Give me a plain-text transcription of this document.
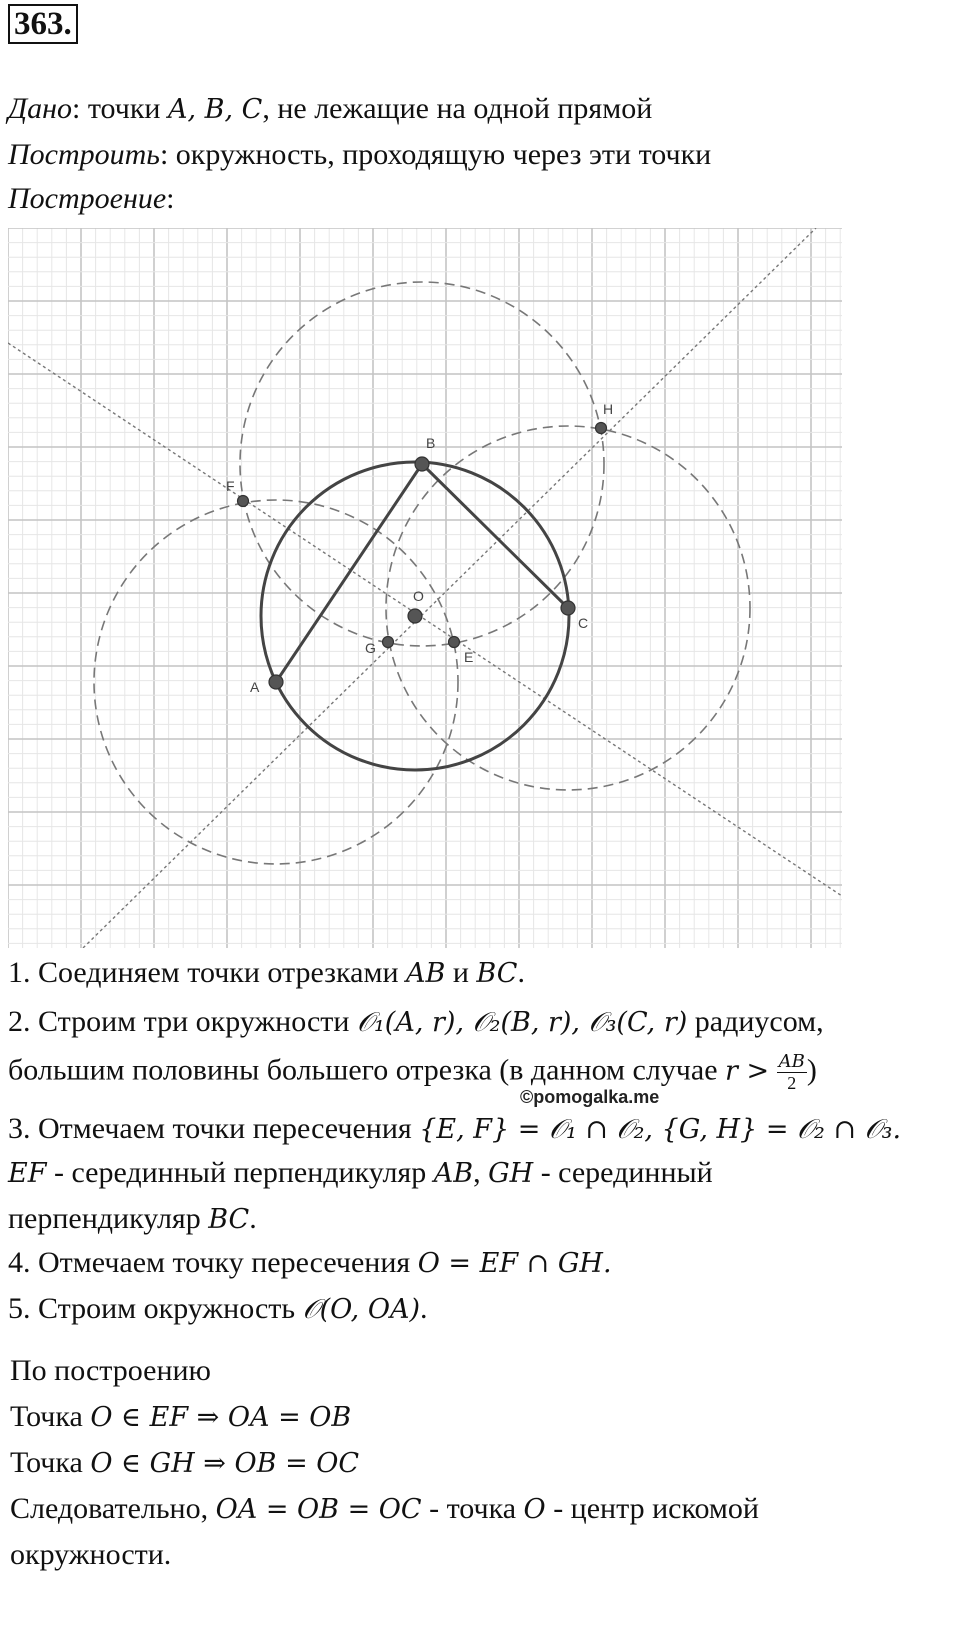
363.
Дано: точки A, B, C, не лежащие на одной прямой
Построить: окружность, проходящую через эти точки
Построение:
A
B
C
O
E
F
G
H
1. Соединяем точки отрезками AB и BC.
2. Строим три окружности 𝒪₁(A, r), 𝒪₂(B, r), 𝒪₃(C, r) радиусом,
©pomogalka.me
большим половины большего отрезка (в данном случае $r > \frac{AB}{2}$ )
3. Отмечаем точки пересечения {E, F} = 𝒪₁ ∩ 𝒪₂, {G, H} = 𝒪₂ ∩ 𝒪₃.
EF - серединный перпендикуляр AB, GH - серединный
перпендикуляр BC.
4. Отмечаем точку пересечения O = EF ∩ GH.
5. Строим окружность 𝒪(O, OA).
По построению
Точка O ∈ EF ⇒ OA = OB
Точка O ∈ GH ⇒ OB = OC
Следовательно, OA = OB = OC - точка O - центр искомой
окружности.
